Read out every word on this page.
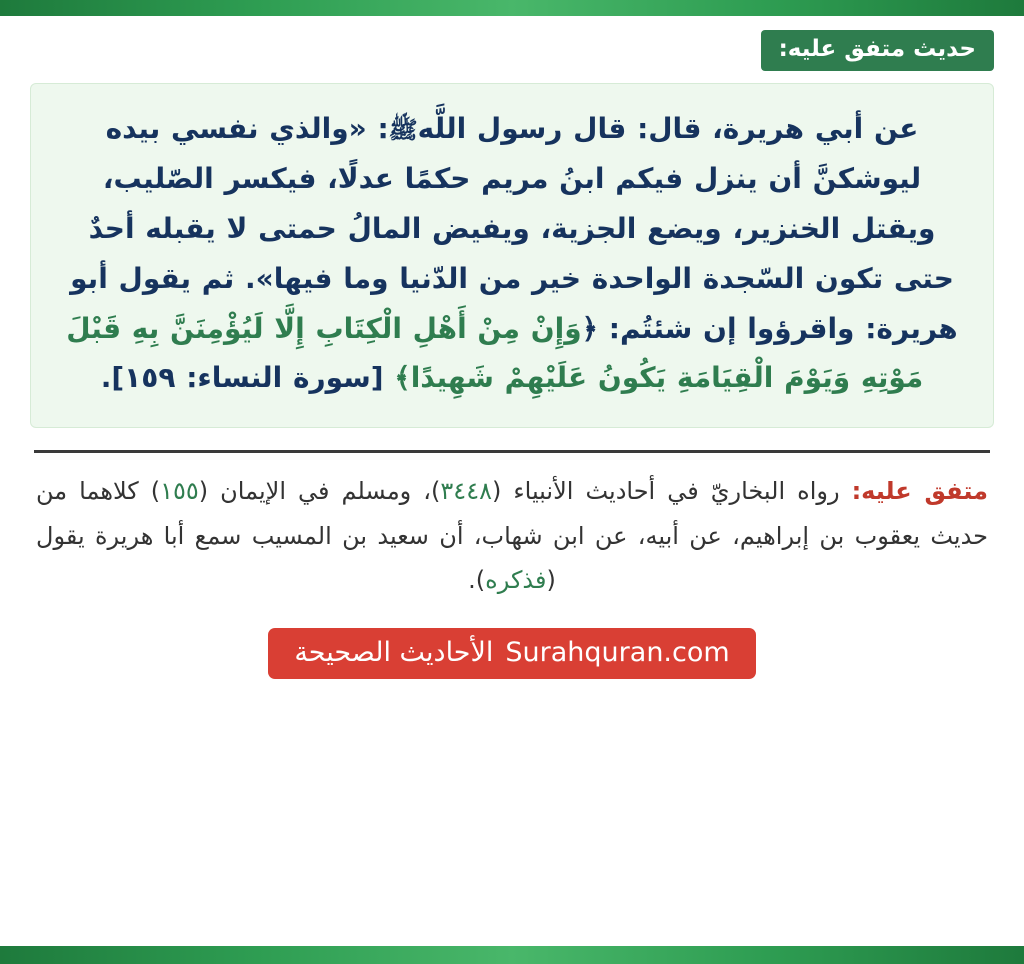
حديث متفق عليه:

عن أبي هريرة، قال: قال رسول اللَّهﷺ: «والذي نفسي بيده ليوشكنَّ أن ينزل فيكم ابنُ مريم حكمًا عدلًا، فيكسر الصّليب، ويقتل الخنزير، ويضع الجزية، ويفيض المالُ حمتى لا يقبله أحدٌ حتى تكون السّجدة الواحدة خير من الدّنيا وما فيها». ثم يقول أبو هريرة: واقرؤوا إن شئتُم: ﴿وَإِنْ مِنْ أَهْلِ الْكِتَابِ إِلَّا لَيُؤْمِنَنَّ بِهِ قَبْلَ مَوْتِهِ وَيَوْمَ الْقِيَامَةِ يَكُونُ عَلَيْهِمْ شَهِيدًا﴾ [سورة النساء: ١٥٩].

متفق عليه: رواه البخاريّ في أحاديث الأنبياء (٣٤٤٨)، ومسلم في الإيمان (١٥٥) كلاهما من حديث يعقوب بن إبراهيم، عن أبيه، عن ابن شهاب، أن سعيد بن المسيب سمع أبا هريرة يقول (فذكره).

Surahquran.com
الأحاديث الصحيحة
